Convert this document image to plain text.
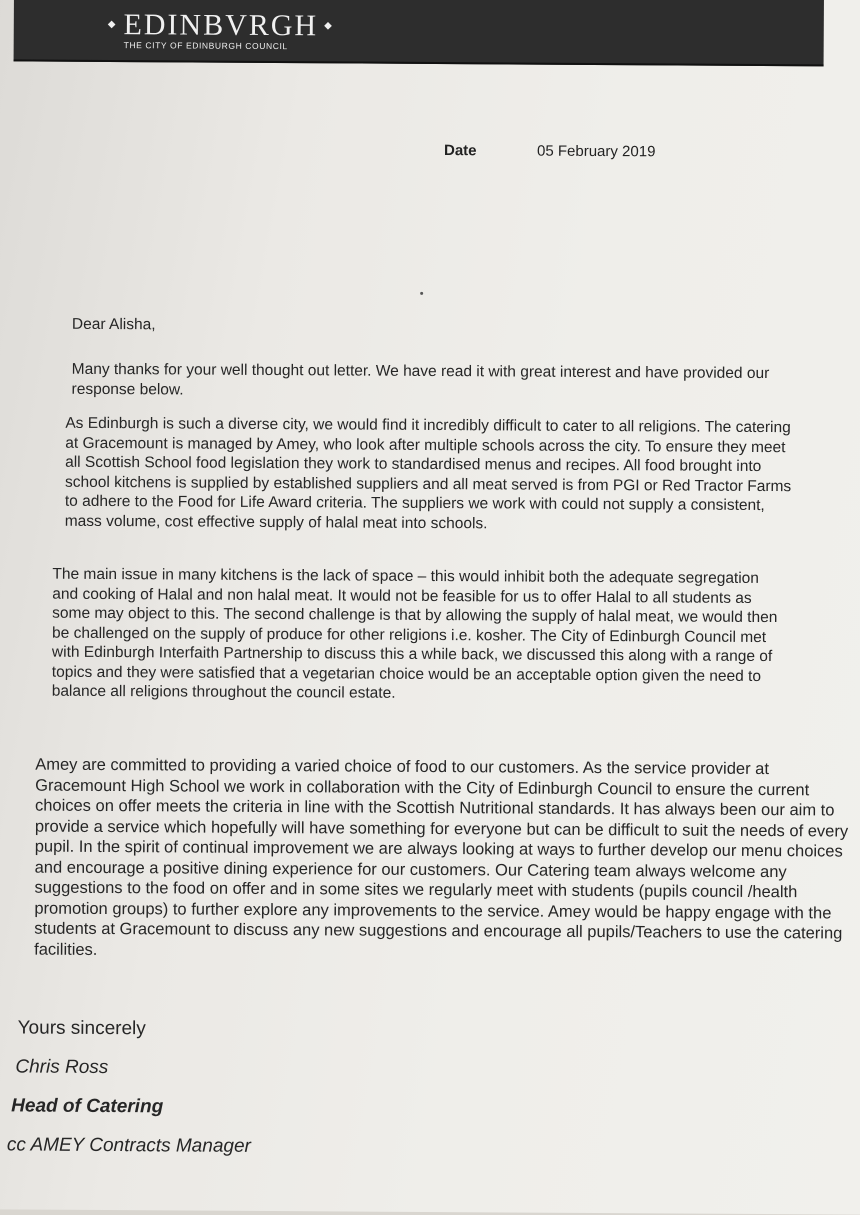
◆ EDINBVRGH ◆
THE CITY OF EDINBURGH COUNCIL
Date	05 February 2019
Dear Alisha,
Many thanks for your well thought out letter. We have read it with great interest and have provided our response below.
As Edinburgh is such a diverse city, we would find it incredibly difficult to cater to all religions. The catering at Gracemount is managed by Amey, who look after multiple schools across the city. To ensure they meet all Scottish School food legislation they work to standardised menus and recipes. All food brought into school kitchens is supplied by established suppliers and all meat served is from PGI or Red Tractor Farms to adhere to the Food for Life Award criteria. The suppliers we work with could not supply a consistent, mass volume, cost effective supply of halal meat into schools.
The main issue in many kitchens is the lack of space – this would inhibit both the adequate segregation and cooking of Halal and non halal meat. It would not be feasible for us to offer Halal to all students as some may object to this. The second challenge is that by allowing the supply of halal meat, we would then be challenged on the supply of produce for other religions i.e. kosher. The City of Edinburgh Council met with Edinburgh Interfaith Partnership to discuss this a while back, we discussed this along with a range of topics and they were satisfied that a vegetarian choice would be an acceptable option given the need to balance all religions throughout the council estate.
Amey are committed to providing a varied choice of food to our customers. As the service provider at Gracemount High School we work in collaboration with the City of Edinburgh Council to ensure the current choices on offer meets the criteria in line with the Scottish Nutritional standards. It has always been our aim to provide a service which hopefully will have something for everyone but can be difficult to suit the needs of every pupil. In the spirit of continual improvement we are always looking at ways to further develop our menu choices and encourage a positive dining experience for our customers. Our Catering team always welcome any suggestions to the food on offer and in some sites we regularly meet with students (pupils council /health promotion groups) to further explore any improvements to the service. Amey would be happy engage with the students at Gracemount to discuss any new suggestions and encourage all pupils/Teachers to use the catering facilities.
Yours sincerely
Chris Ross
Head of Catering
cc AMEY Contracts Manager
